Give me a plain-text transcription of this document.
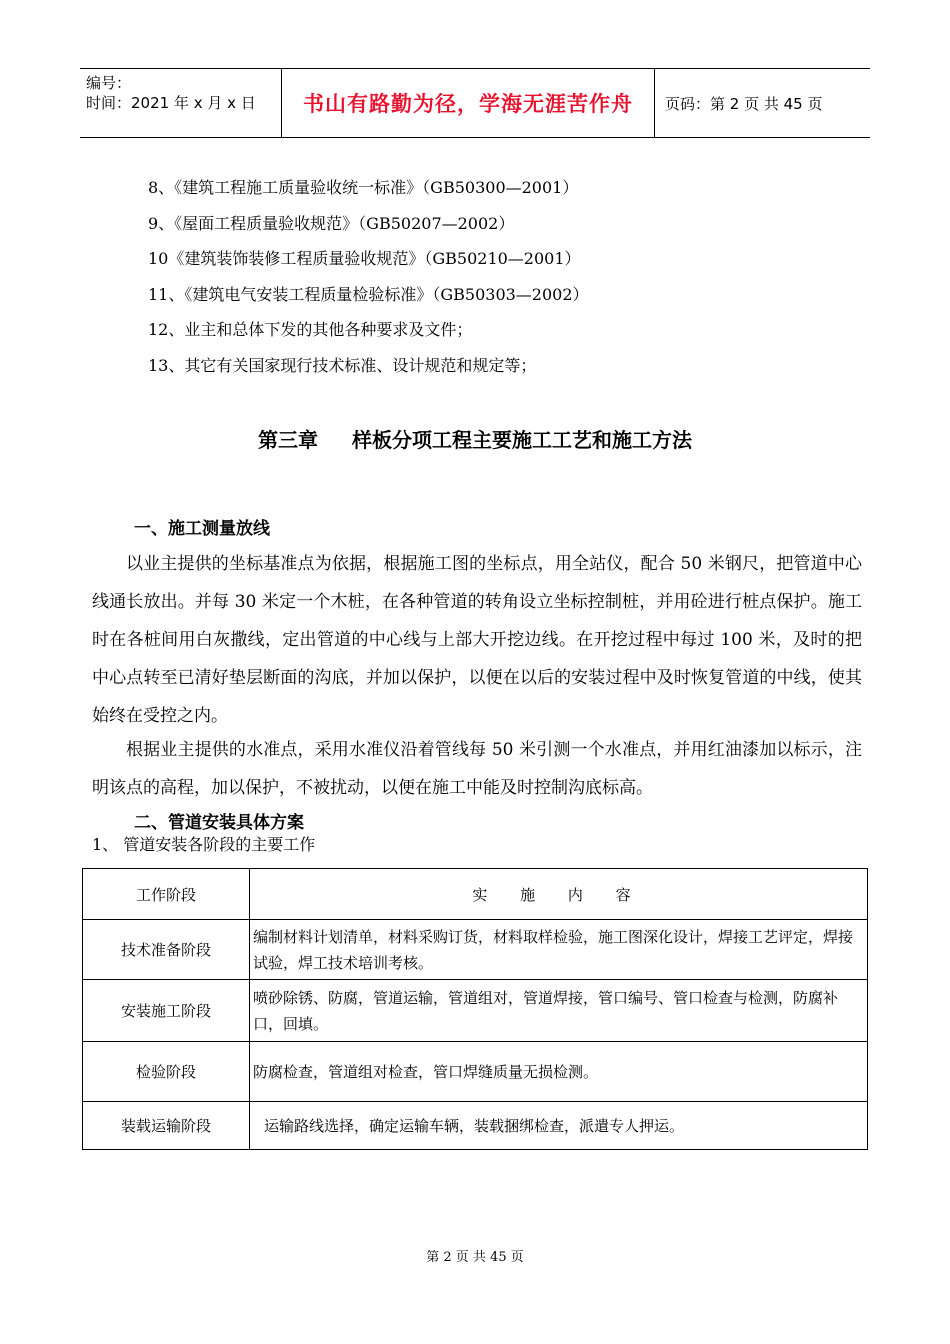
编号：
时间：2021 年 x 月 x 日	书山有路勤为径，学海无涯苦作舟	页码：第 2 页 共 45 页
8、《建筑工程施工质量验收统一标准》（GB50300—2001）
9、《屋面工程质量验收规范》（GB50207—2002）
10《建筑装饰装修工程质量验收规范》（GB50210—2001）
11、《建筑电气安装工程质量检验标准》（GB50303—2002）
12、业主和总体下发的其他各种要求及文件；
13、其它有关国家现行技术标准、设计规范和规定等；
第三章 样板分项工程主要施工工艺和施工方法
一、施工测量放线
以业主提供的坐标基准点为依据，根据施工图的坐标点，用全站仪，配合 50 米钢尺，把管道中心线通长放出。并每 30 米定一个木桩，在各种管道的转角设立坐标控制桩，并用砼进行桩点保护。施工时在各桩间用白灰撒线，定出管道的中心线与上部大开挖边线。在开挖过程中每过 100 米，及时的把中心点转至已清好垫层断面的沟底，并加以保护，以便在以后的安装过程中及时恢复管道的中线，使其始终在受控之内。
根据业主提供的水准点，采用水准仪沿着管线每 50 米引测一个水准点，并用红油漆加以标示，注明该点的高程，加以保护，不被扰动，以便在施工中能及时控制沟底标高。
二、管道安装具体方案
1、 管道安装各阶段的主要工作
工作阶段	实 施 内 容
技术准备阶段	编制材料计划清单，材料采购订货，材料取样检验，施工图深化设计，焊接工艺评定，焊接试验，焊工技术培训考核。
安装施工阶段	喷砂除锈、防腐，管道运输，管道组对，管道焊接，管口编号、管口检查与检测，防腐补口，回填。
检验阶段	防腐检查，管道组对检查，管口焊缝质量无损检测。
装载运输阶段	运输路线选择，确定运输车辆，装载捆绑检查，派遣专人押运。
第 2 页 共 45 页
